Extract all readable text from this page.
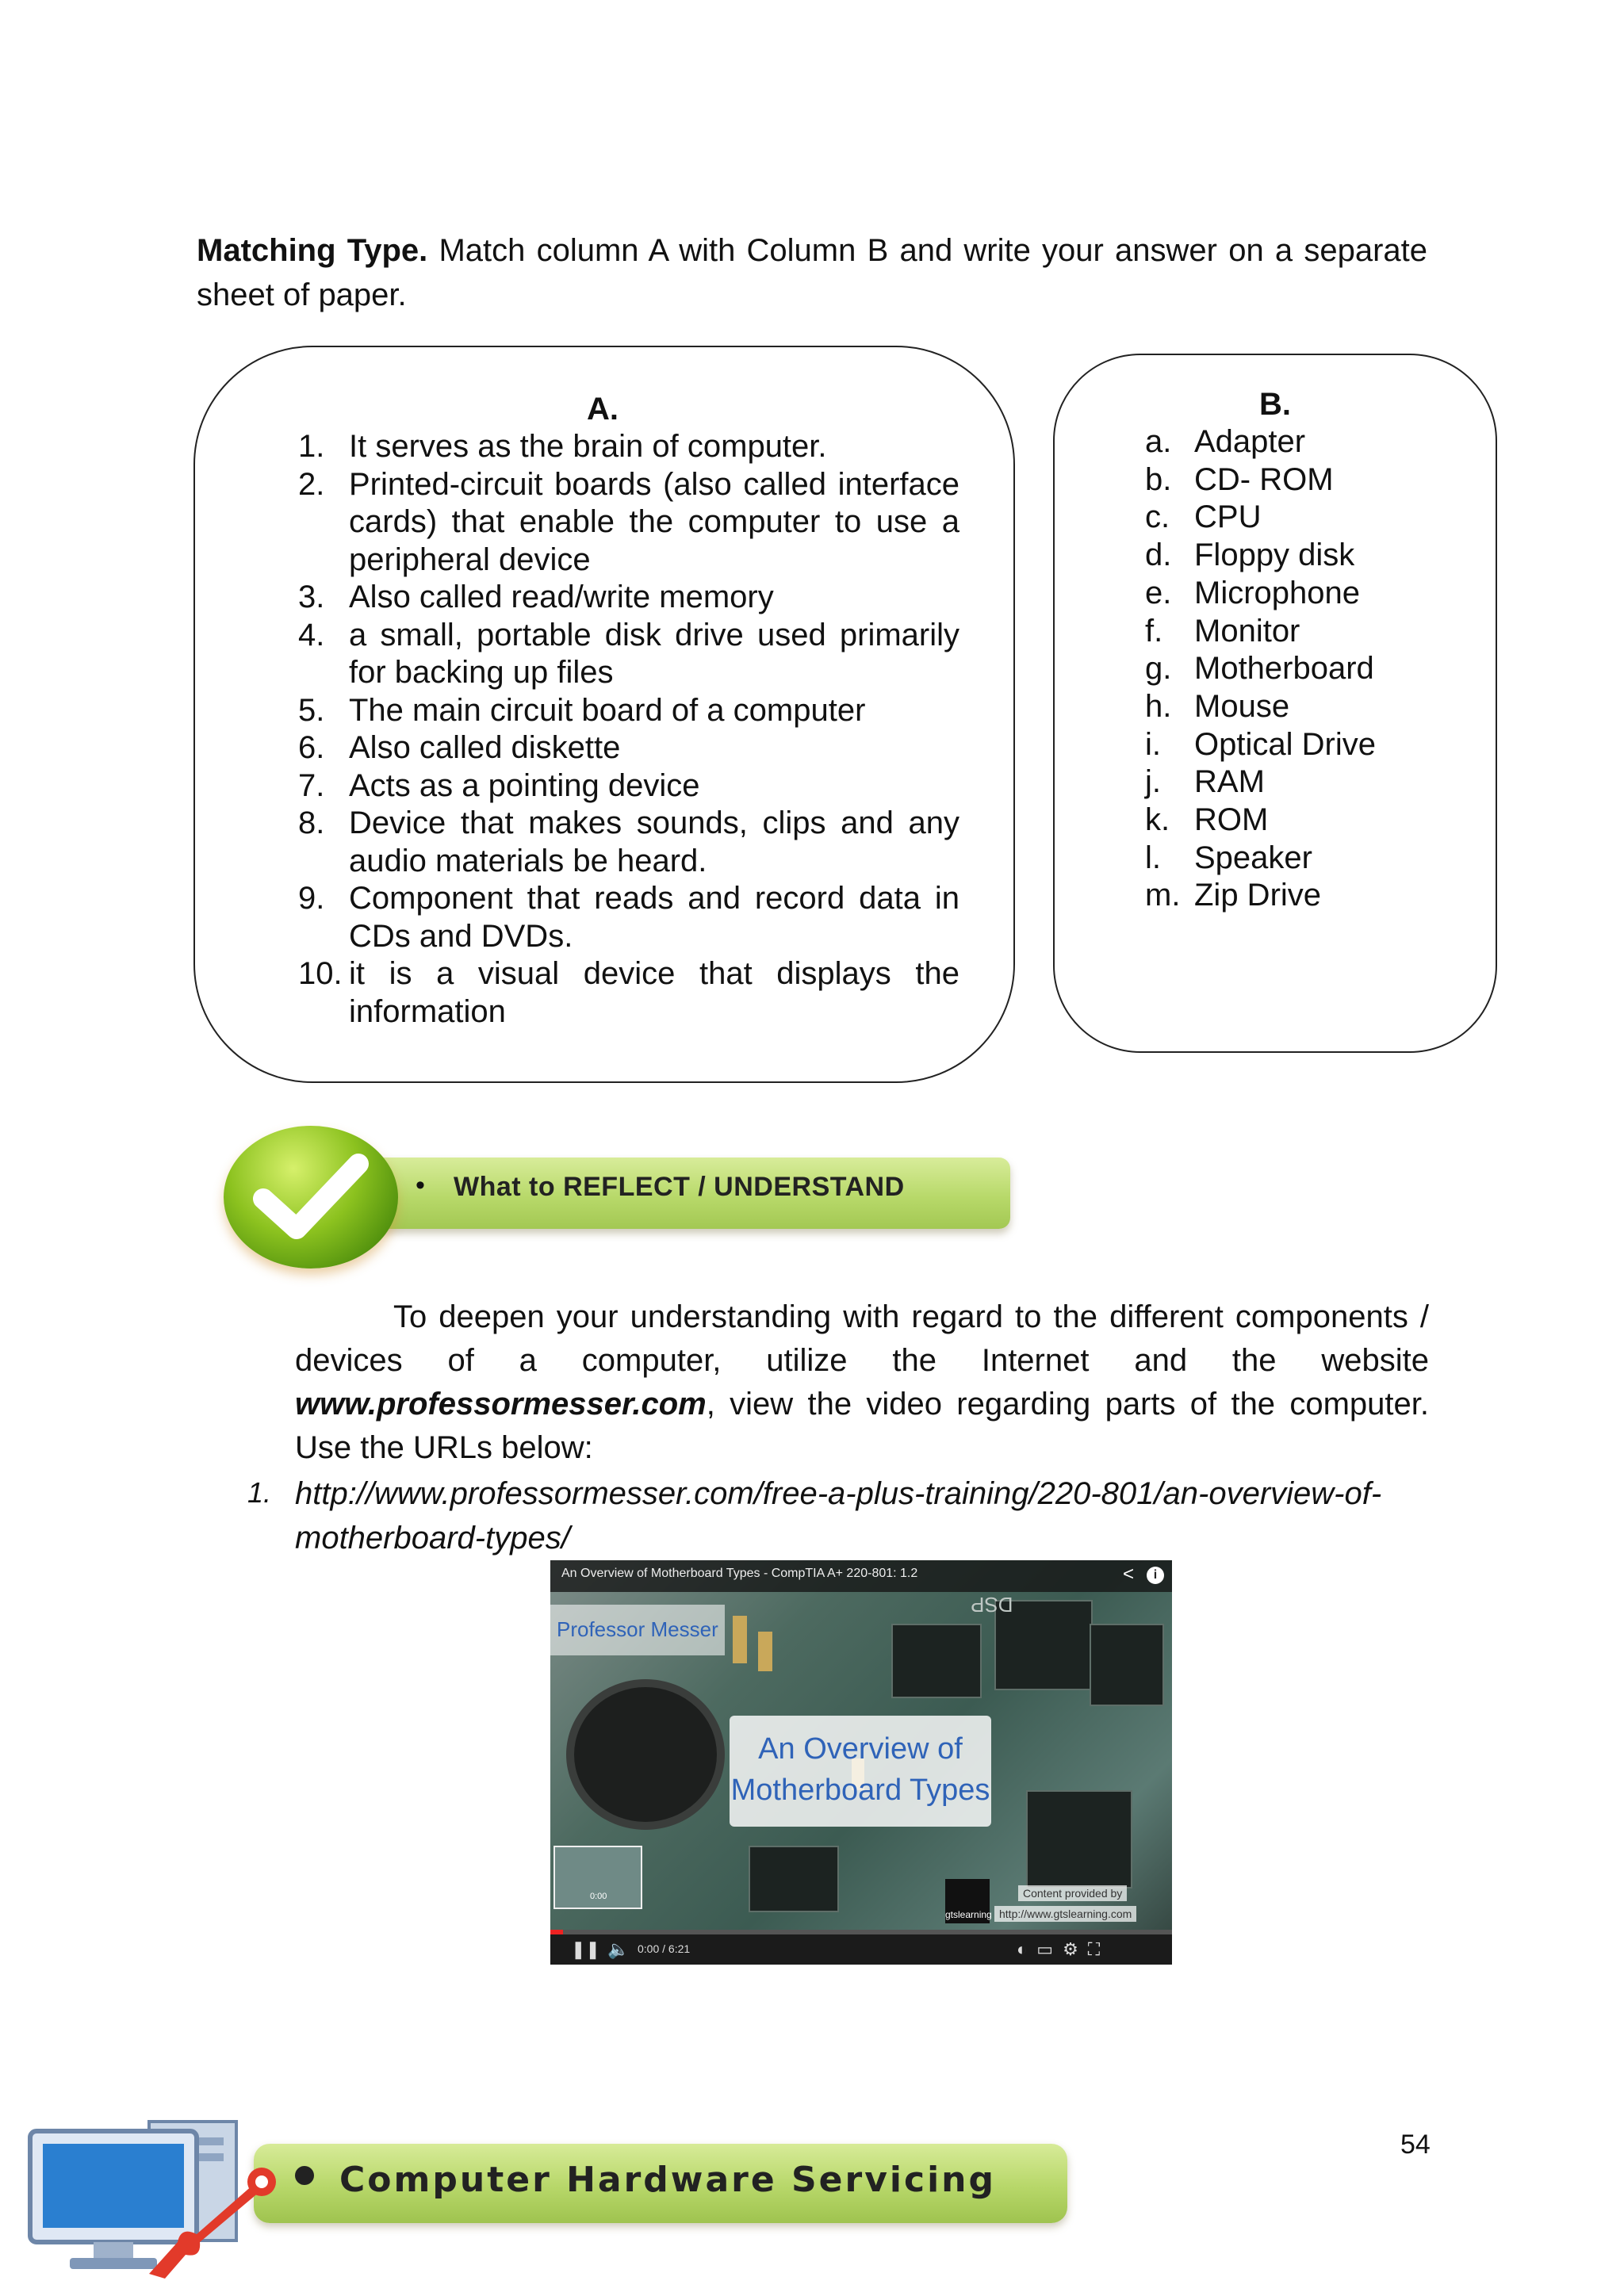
Matching Type. Match column A with Column B and write your answer on a separate sheet of paper.
A.
1. It serves as the brain of computer.
2. Printed-circuit boards (also called interface cards) that enable the computer to use a peripheral device
3. Also called read/write memory
4. a small, portable disk drive used primarily for backing up files
5. The main circuit board of a computer
6. Also called diskette
7. Acts as a pointing device
8. Device that makes sounds, clips and any audio materials be heard.
9. Component that reads and record data in CDs and DVDs.
10. it is a visual device that displays the information
B.
a. Adapter
b. CD- ROM
c. CPU
d. Floppy disk
e. Microphone
f. Monitor
g. Motherboard
h. Mouse
i.	Optical Drive
j.	RAM
k. ROM
l.	Speaker
m. Zip Drive
• What to REFLECT / UNDERSTAND
To deepen your understanding with regard to the different components / devices of a computer, utilize the Internet and the website www.professormesser.com, view the video regarding parts of the computer. Use the URLs below:
1. http://www.professormesser.com/free-a-plus-training/220-801/an-overview-of-motherboard-types/
DSP
An Overview of Motherboard Types - CompTIA A+ 220-801: 1.2	<	i
Professor Messer
An Overview of
Motherboard Types
0:00
gtslearning
Content provided by
http://www.gtslearning.com
❚❚ 🔈 0:00 / 6:21	◐▭⚙⛶
54
Computer Hardware Servicing
